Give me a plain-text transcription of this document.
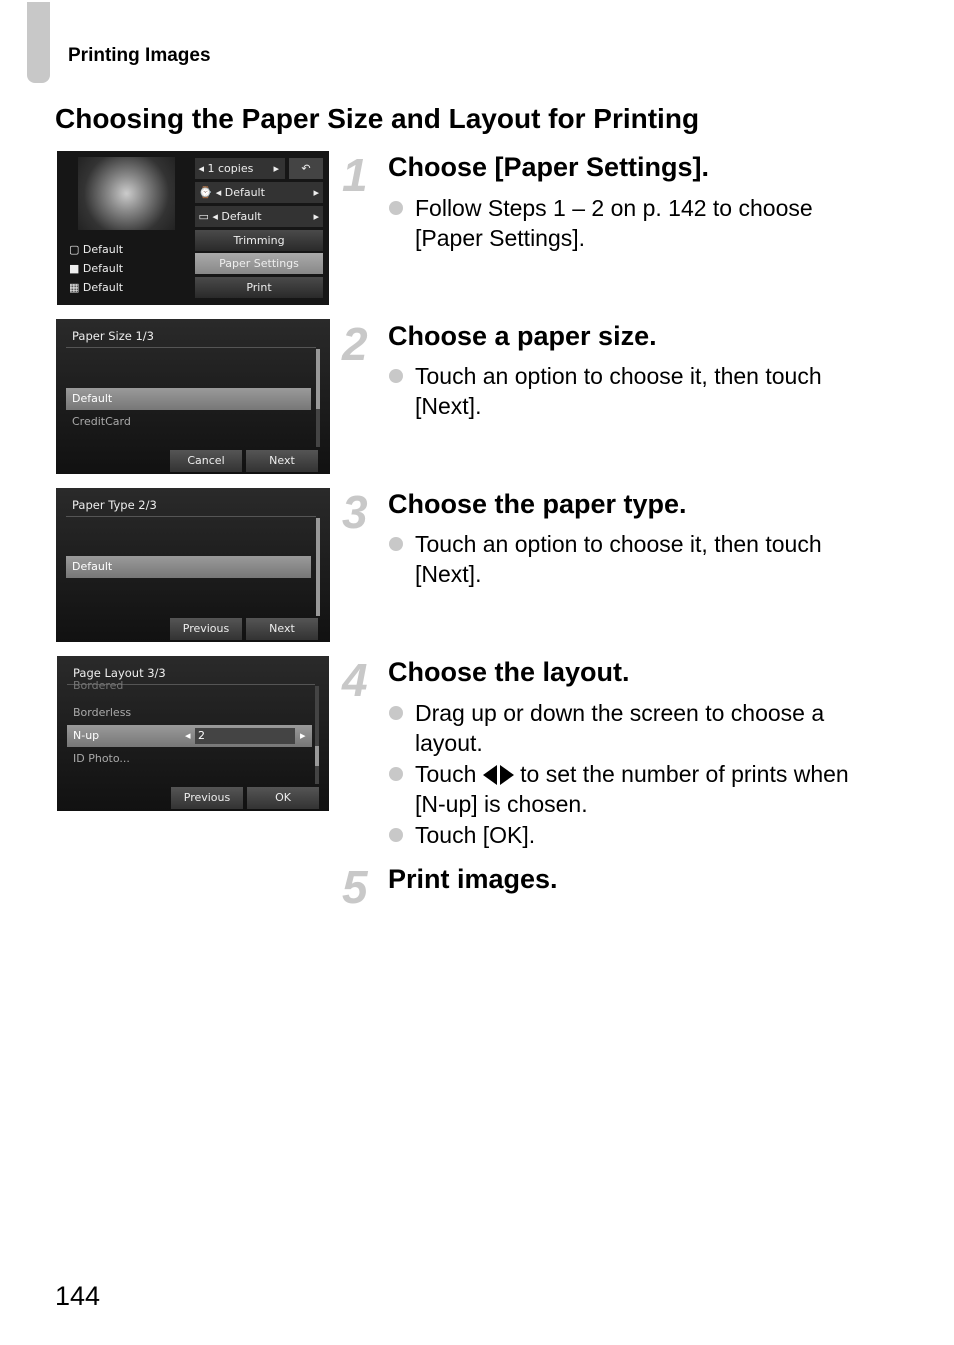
Printing Images
Choosing the Paper Size and Layout for Printing
▢ Default
■ Default
▦ Default
◂ 1 copies ▸	↶
⌚ ◂ Default	▸
▭ ◂ Default	▸
Trimming
Paper Settings
Print
Paper Size 1/3
Default
CreditCard
Cancel	Next
Paper Type 2/3
Default
Previous	Next
Page Layout 3/3
Bordered
Borderless
N-up	◂ 2	▸
ID Photo...
Previous	OK
1 Choose [Paper Settings].
Follow Steps 1 – 2 on p. 142 to choose [Paper Settings].
2 Choose a paper size.
Touch an option to choose it, then touch [Next].
3 Choose the paper type.
Touch an option to choose it, then touch [Next].
4 Choose the layout.
Drag up or down the screen to choose a layout.
Touch to set the number of prints when [N-up] is chosen.
Touch [OK].
5 Print images.
144
